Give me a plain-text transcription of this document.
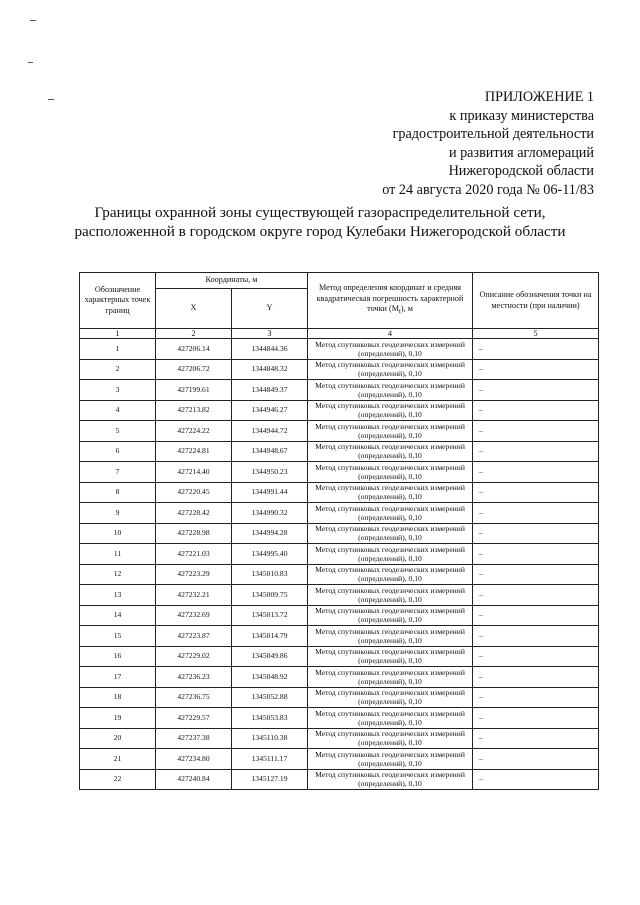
ПРИЛОЖЕНИЕ 1
к приказу министерства
градостроительной деятельности
и развития агломераций
Нижегородской области
от 24 августа 2020 года № 06-11/83
Границы охранной зоны существующей газораспределительной сети,
расположенной в городском округе город Кулебаки Нижегородской области
Обозначение характерных точек границ	Координаты, м		Метод определения координат и средняя квадратическая погрешность характерной точки $(M_t)$, м	Описание обозначения точки на местности (при наличии)
	X	Y		
1	2	3	4	5
1	427206.14	1344844.36	Метод спутниковых геодезических измерений (определений), 0,10	–
2	427206.72	1344848.32	Метод спутниковых геодезических измерений (определений), 0,10	–
3	427199.61	1344849.37	Метод спутниковых геодезических измерений (определений), 0,10	–
4	427213.82	1344946.27	Метод спутниковых геодезических измерений (определений), 0,10	–
5	427224.22	1344944.72	Метод спутниковых геодезических измерений (определений), 0,10	–
6	427224.81	1344948.67	Метод спутниковых геодезических измерений (определений), 0,10	–
7	427214.40	1344950.23	Метод спутниковых геодезических измерений (определений), 0,10	–
8	427220.45	1344991.44	Метод спутниковых геодезических измерений (определений), 0,10	–
9	427228.42	1344990.32	Метод спутниковых геодезических измерений (определений), 0,10	–
10	427228.98	1344994.28	Метод спутниковых геодезических измерений (определений), 0,10	–
11	427221.03	1344995.40	Метод спутниковых геодезических измерений (определений), 0,10	–
12	427223.29	1345010.83	Метод спутниковых геодезических измерений (определений), 0,10	–
13	427232.21	1345009.75	Метод спутниковых геодезических измерений (определений), 0,10	–
14	427232.69	1345013.72	Метод спутниковых геодезических измерений (определений), 0,10	–
15	427223.87	1345014.79	Метод спутниковых геодезических измерений (определений), 0,10	–
16	427229.02	1345049.86	Метод спутниковых геодезических измерений (определений), 0,10	–
17	427236.23	1345048.92	Метод спутниковых геодезических измерений (определений), 0,10	–
18	427236.75	1345052.88	Метод спутниковых геодезических измерений (определений), 0,10	–
19	427229.57	1345053.83	Метод спутниковых геодезических измерений (определений), 0,10	–
20	427237.38	1345110.38	Метод спутниковых геодезических измерений (определений), 0,10	–
21	427234.80	1345111.17	Метод спутниковых геодезических измерений (определений), 0,10	–
22	427240.84	1345127.19	Метод спутниковых геодезических измерений (определений), 0,10	–
